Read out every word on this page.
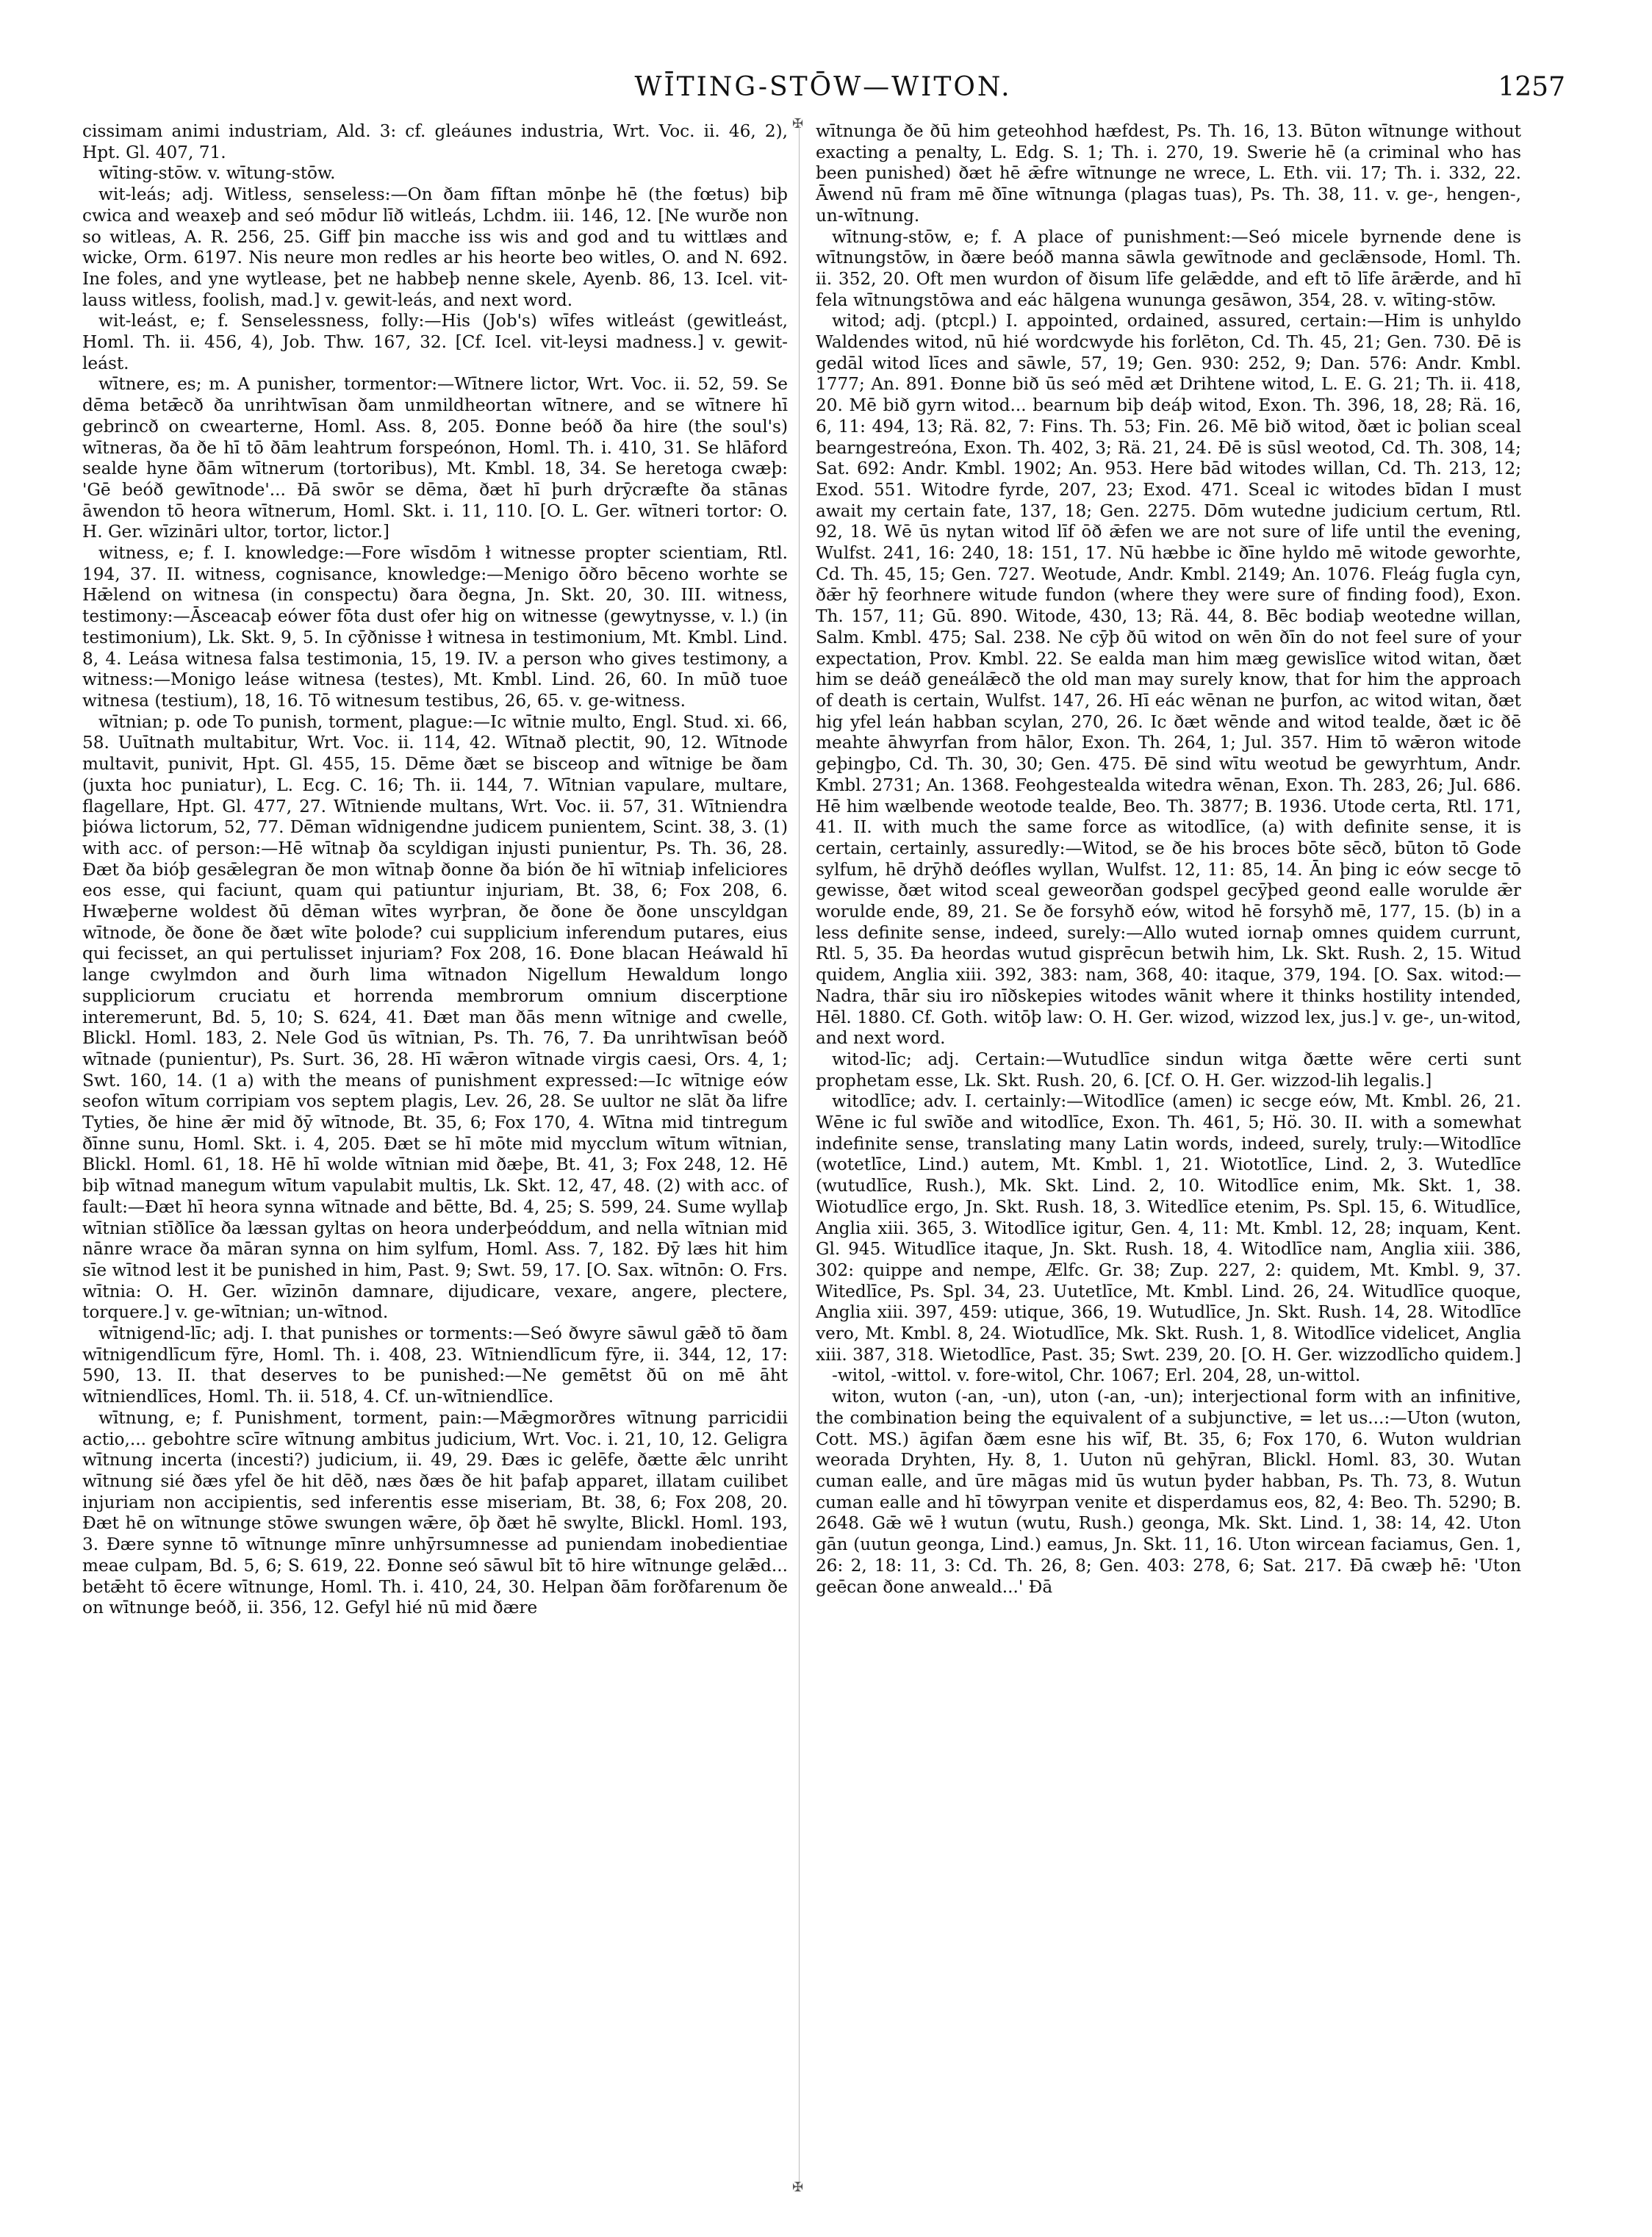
WĪTING-STŌW—WITON.	1257
✠
✠

cissimam animi industriam, Ald. 3: cf. gleáunes industria, Wrt. Voc. ii. 46, 2), Hpt. Gl. 407, 71.

wīting-stōw. v. wītung-stōw.

wit-leás; adj. Witless, senseless:—On ðam fīftan mōnþe hē (the fœtus) biþ cwica and weaxeþ and seó mōdur līð witleás, Lchdm. iii. 146, 12. [Ne wurðe non so witleas, A. R. 256, 25. Giff þin macche iss wis and god and tu wittlæs and wicke, Orm. 6197. Nis neure mon redles ar his heorte beo witles, O. and N. 692. Ine foles, and yne wytlease, þet ne habbeþ nenne skele, Ayenb. 86, 13. Icel. vit-lauss witless, foolish, mad.] v. gewit-leás, and next word.

wit-leást, e; f. Senselessness, folly:—His (Job's) wīfes witleást (gewitleást, Homl. Th. ii. 456, 4), Job. Thw. 167, 32. [Cf. Icel. vit-leysi madness.] v. gewit-leást.

wītnere, es; m. A punisher, tormentor:—Wītnere lictor, Wrt. Voc. ii. 52, 59. Se dēma betǣcð ða unrihtwīsan ðam unmildheortan wītnere, and se wītnere hī gebrincð on cwearterne, Homl. Ass. 8, 205. Ðonne beóð ða hire (the soul's) wītneras, ða ðe hī tō ðām leahtrum forspeónon, Homl. Th. i. 410, 31. Se hlāford sealde hyne ðām wītnerum (tortoribus), Mt. Kmbl. 18, 34. Se heretoga cwæþ: 'Gē beóð gewītnode'... Ðā swōr se dēma, ðæt hī þurh drȳcræfte ða stānas āwendon tō heora wītnerum, Homl. Skt. i. 11, 110. [O. L. Ger. wītneri tortor: O. H. Ger. wīzināri ultor, tortor, lictor.]

witness, e; f. I. knowledge:—Fore wīsdōm ł witnesse propter scientiam, Rtl. 194, 37. II. witness, cognisance, knowledge:—Menigo ōðro bēceno worhte se Hǣlend on witnesa (in conspectu) ðara ðegna, Jn. Skt. 20, 30. III. witness, testimony:—Āsceacaþ eówer fōta dust ofer hig on witnesse (gewytnysse, v. l.) (in testimonium), Lk. Skt. 9, 5. In cȳðnisse ł witnesa in testimonium, Mt. Kmbl. Lind. 8, 4. Leása witnesa falsa testimonia, 15, 19. IV. a person who gives testimony, a witness:—Monigo leáse witnesa (testes), Mt. Kmbl. Lind. 26, 60. In mūð tuoe witnesa (testium), 18, 16. Tō witnesum testibus, 26, 65. v. ge-witness.

wītnian; p. ode To punish, torment, plague:—Ic wītnie multo, Engl. Stud. xi. 66, 58. Uuītnath multabitur, Wrt. Voc. ii. 114, 42. Wītnað plectit, 90, 12. Wītnode multavit, punivit, Hpt. Gl. 455, 15. Dēme ðæt se bisceop and wītnige be ðam (juxta hoc puniatur), L. Ecg. C. 16; Th. ii. 144, 7. Wītnian vapulare, multare, flagellare, Hpt. Gl. 477, 27. Wītniende multans, Wrt. Voc. ii. 57, 31. Wītniendra þiówa lictorum, 52, 77. Dēman wīdnigendne judicem punientem, Scint. 38, 3. (1) with acc. of person:—Hē wītnaþ ða scyldigan injusti punientur, Ps. Th. 36, 28. Ðæt ða bióþ gesǣlegran ðe mon wītnaþ ðonne ða bión ðe hī wītniaþ infeliciores eos esse, qui faciunt, quam qui patiuntur injuriam, Bt. 38, 6; Fox 208, 6. Hwæþerne woldest ðū dēman wītes wyrþran, ðe ðone ðe ðone unscyldgan wītnode, ðe ðone ðe ðæt wīte þolode? cui supplicium inferendum putares, eius qui fecisset, an qui pertulisset injuriam? Fox 208, 16. Ðone blacan Heáwald hī lange cwylmdon and ðurh lima wītnadon Nigellum Hewaldum longo suppliciorum cruciatu et horrenda membrorum omnium discerptione interemerunt, Bd. 5, 10; S. 624, 41. Ðæt man ðās menn wītnige and cwelle, Blickl. Homl. 183, 2. Nele God ūs wītnian, Ps. Th. 76, 7. Ða unrihtwīsan beóð wītnade (punientur), Ps. Surt. 36, 28. Hī wǣron wītnade virgis caesi, Ors. 4, 1; Swt. 160, 14. (1 a) with the means of punishment expressed:—Ic wītnige eów seofon wītum corripiam vos septem plagis, Lev. 26, 28. Se uultor ne slāt ða lifre Tyties, ðe hine ǣr mid ðȳ wītnode, Bt. 35, 6; Fox 170, 4. Wītna mid tintregum ðīnne sunu, Homl. Skt. i. 4, 205. Ðæt se hī mōte mid mycclum wītum wītnian, Blickl. Homl. 61, 18. Hē hī wolde wītnian mid ðæþe, Bt. 41, 3; Fox 248, 12. Hē biþ wītnad manegum wītum vapulabit multis, Lk. Skt. 12, 47, 48. (2) with acc. of fault:—Ðæt hī heora synna wītnade and bētte, Bd. 4, 25; S. 599, 24. Sume wyllaþ wītnian stīðlīce ða læssan gyltas on heora underþeóddum, and nella wītnian mid nānre wrace ða māran synna on him sylfum, Homl. Ass. 7, 182. Ðȳ læs hit him sīe wītnod lest it be punished in him, Past. 9; Swt. 59, 17. [O. Sax. wītnōn: O. Frs. wītnia: O. H. Ger. wīzinōn damnare, dijudicare, vexare, angere, plectere, torquere.] v. ge-wītnian; un-wītnod.

wītnigend-līc; adj. I. that punishes or torments:—Seó ðwyre sāwul gǣð tō ðam wītnigendlīcum fȳre, Homl. Th. i. 408, 23. Wītniendlīcum fȳre, ii. 344, 12, 17: 590, 13. II. that deserves to be punished:—Ne gemētst ðū on mē āht wītniendlīces, Homl. Th. ii. 518, 4. Cf. un-wītniendlīce.

wītnung, e; f. Punishment, torment, pain:—Mǣgmorðres wītnung parricidii actio,... gebohtre scīre wītnung ambitus judicium, Wrt. Voc. i. 21, 10, 12. Geligra wītnung incerta (incesti?) judicium, ii. 49, 29. Ðæs ic gelēfe, ðætte ǣlc unriht wītnung sié ðæs yfel ðe hit dēð, næs ðæs ðe hit þafaþ apparet, illatam cuilibet injuriam non accipientis, sed inferentis esse miseriam, Bt. 38, 6; Fox 208, 20. Ðæt hē on wītnunge stōwe swungen wǣre, ōþ ðæt hē swylte, Blickl. Homl. 193, 3. Ðære synne tō wītnunge mīnre unhȳrsumnesse ad puniendam inobedientiae meae culpam, Bd. 5, 6; S. 619, 22. Ðonne seó sāwul bīt tō hire wītnunge gelǣd... betǣht tō ēcere wītnunge, Homl. Th. i. 410, 24, 30. Helpan ðām forðfarenum ðe on wītnunge beóð, ii. 356, 12. Gefyl hié nū mid ðære

wītnunga ðe ðū him geteohhod hæfdest, Ps. Th. 16, 13. Būton wītnunge without exacting a penalty, L. Edg. S. 1; Th. i. 270, 19. Swerie hē (a criminal who has been punished) ðæt hē ǣfre wītnunge ne wrece, L. Eth. vii. 17; Th. i. 332, 22. Āwend nū fram mē ðīne wītnunga (plagas tuas), Ps. Th. 38, 11. v. ge-, hengen-, un-wītnung.

wītnung-stōw, e; f. A place of punishment:—Seó micele byrnende dene is wītnungstōw, in ðære beóð manna sāwla gewītnode and geclǣnsode, Homl. Th. ii. 352, 20. Oft men wurdon of ðisum līfe gelǣdde, and eft tō līfe ārǣrde, and hī fela wītnungstōwa and eác hālgena wununga gesāwon, 354, 28. v. wīting-stōw.

witod; adj. (ptcpl.) I. appointed, ordained, assured, certain:—Him is unhyldo Waldendes witod, nū hié wordcwyde his forlēton, Cd. Th. 45, 21; Gen. 730. Ðē is gedāl witod līces and sāwle, 57, 19; Gen. 930: 252, 9; Dan. 576: Andr. Kmbl. 1777; An. 891. Ðonne bið ūs seó mēd æt Drihtene witod, L. E. G. 21; Th. ii. 418, 20. Mē bið gyrn witod... bearnum biþ deáþ witod, Exon. Th. 396, 18, 28; Rä. 16, 6, 11: 494, 13; Rä. 82, 7: Fins. Th. 53; Fin. 26. Mē bið witod, ðæt ic þolian sceal bearngestreóna, Exon. Th. 402, 3; Rä. 21, 24. Ðē is sūsl weotod, Cd. Th. 308, 14; Sat. 692: Andr. Kmbl. 1902; An. 953. Here bād witodes willan, Cd. Th. 213, 12; Exod. 551. Witodre fyrde, 207, 23; Exod. 471. Sceal ic witodes bīdan I must await my certain fate, 137, 18; Gen. 2275. Dōm wutedne judicium certum, Rtl. 92, 18. Wē ūs nytan witod līf ōð ǣfen we are not sure of life until the evening, Wulfst. 241, 16: 240, 18: 151, 17. Nū hæbbe ic ðīne hyldo mē witode geworhte, Cd. Th. 45, 15; Gen. 727. Weotude, Andr. Kmbl. 2149; An. 1076. Fleág fugla cyn, ðǣr hȳ feorhnere witude fundon (where they were sure of finding food), Exon. Th. 157, 11; Gū. 890. Witode, 430, 13; Rä. 44, 8. Bēc bodiaþ weotedne willan, Salm. Kmbl. 475; Sal. 238. Ne cȳþ ðū witod on wēn ðīn do not feel sure of your expectation, Prov. Kmbl. 22. Se ealda man him mæg gewislīce witod witan, ðæt him se deáð geneálǣcð the old man may surely know, that for him the approach of death is certain, Wulfst. 147, 26. Hī eác wēnan ne þurfon, ac witod witan, ðæt hig yfel leán habban scylan, 270, 26. Ic ðæt wēnde and witod tealde, ðæt ic ðē meahte āhwyrfan from hālor, Exon. Th. 264, 1; Jul. 357. Him tō wǣron witode geþingþo, Cd. Th. 30, 30; Gen. 475. Ðē sind wītu weotud be gewyrhtum, Andr. Kmbl. 2731; An. 1368. Feohgestealda witedra wēnan, Exon. Th. 283, 26; Jul. 686. Hē him wælbende weotode tealde, Beo. Th. 3877; B. 1936. Utode certa, Rtl. 171, 41. II. with much the same force as witodlīce, (a) with definite sense, it is certain, certainly, assuredly:—Witod, se ðe his broces bōte sēcð, būton tō Gode sylfum, hē drȳhð deófles wyllan, Wulfst. 12, 11: 85, 14. Ān þing ic eów secge tō gewisse, ðæt witod sceal geweorðan godspel gecȳþed geond ealle worulde ǣr worulde ende, 89, 21. Se ðe forsyhð eów, witod hē forsyhð mē, 177, 15. (b) in a less definite sense, indeed, surely:—Allo wuted iornaþ omnes quidem currunt, Rtl. 5, 35. Ða heordas wutud gisprēcun betwih him, Lk. Skt. Rush. 2, 15. Witud quidem, Anglia xiii. 392, 383: nam, 368, 40: itaque, 379, 194. [O. Sax. witod:—Nadra, thār siu iro nīðskepies witodes wānit where it thinks hostility intended, Hēl. 1880. Cf. Goth. witōþ law: O. H. Ger. wizod, wizzod lex, jus.] v. ge-, un-witod, and next word.

witod-līc; adj. Certain:—Wutudlīce sindun witga ðætte wēre certi sunt prophetam esse, Lk. Skt. Rush. 20, 6. [Cf. O. H. Ger. wizzod-lih legalis.]

witodlīce; adv. I. certainly:—Witodlīce (amen) ic secge eów, Mt. Kmbl. 26, 21. Wēne ic ful swīðe and witodlīce, Exon. Th. 461, 5; Hö. 30. II. with a somewhat indefinite sense, translating many Latin words, indeed, surely, truly:—Witodlīce (wotetlīce, Lind.) autem, Mt. Kmbl. 1, 21. Wiototlīce, Lind. 2, 3. Wutedlīce (wutudlīce, Rush.), Mk. Skt. Lind. 2, 10. Witodlīce enim, Mk. Skt. 1, 38. Wiotudlīce ergo, Jn. Skt. Rush. 18, 3. Witedlīce etenim, Ps. Spl. 15, 6. Witudlīce, Anglia xiii. 365, 3. Witodlīce igitur, Gen. 4, 11: Mt. Kmbl. 12, 28; inquam, Kent. Gl. 945. Witudlīce itaque, Jn. Skt. Rush. 18, 4. Witodlīce nam, Anglia xiii. 386, 302: quippe and nempe, Ælfc. Gr. 38; Zup. 227, 2: quidem, Mt. Kmbl. 9, 37. Witedlīce, Ps. Spl. 34, 23. Uutetlīce, Mt. Kmbl. Lind. 26, 24. Witudlīce quoque, Anglia xiii. 397, 459: utique, 366, 19. Wutudlīce, Jn. Skt. Rush. 14, 28. Witodlīce vero, Mt. Kmbl. 8, 24. Wiotudlīce, Mk. Skt. Rush. 1, 8. Witodlīce videlicet, Anglia xiii. 387, 318. Wietodlīce, Past. 35; Swt. 239, 20. [O. H. Ger. wizzodlīcho quidem.]

-witol, -wittol. v. fore-witol, Chr. 1067; Erl. 204, 28, un-wittol.

witon, wuton (-an, -un), uton (-an, -un); interjectional form with an infinitive, the combination being the equivalent of a subjunctive, = let us...:—Uton (wuton, Cott. MS.) āgifan ðæm esne his wīf, Bt. 35, 6; Fox 170, 6. Wuton wuldrian weorada Dryhten, Hy. 8, 1. Uuton nū gehȳran, Blickl. Homl. 83, 30. Wutan cuman ealle, and ūre māgas mid ūs wutun þyder habban, Ps. Th. 73, 8. Wutun cuman ealle and hī tōwyrpan venite et disperdamus eos, 82, 4: Beo. Th. 5290; B. 2648. Gǣ wē ł wutun (wutu, Rush.) geonga, Mk. Skt. Lind. 1, 38: 14, 42. Uton gān (uutun geonga, Lind.) eamus, Jn. Skt. 11, 16. Uton wircean faciamus, Gen. 1, 26: 2, 18: 11, 3: Cd. Th. 26, 8; Gen. 403: 278, 6; Sat. 217. Ðā cwæþ hē: 'Uton geēcan ðone anweald...' Ðā
